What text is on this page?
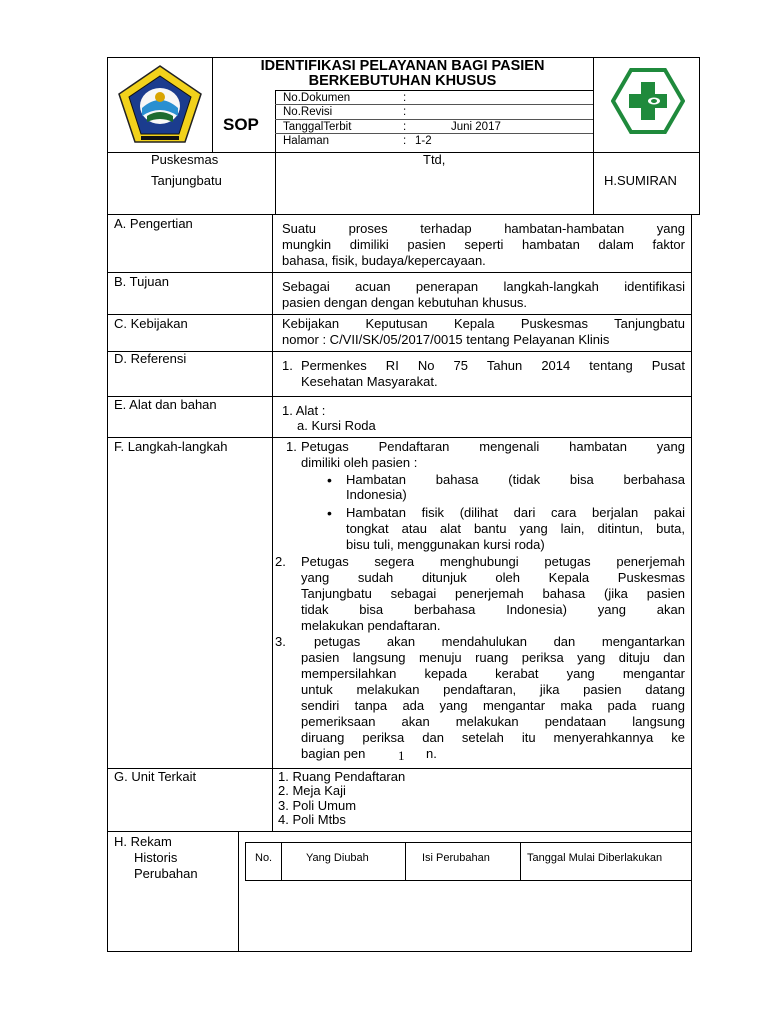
IDENTIFIKASI PELAYANAN BAGI PASIEN
BERKEBUTUHAN KHUSUS
SOP
No.Dokumen	:
No.Revisi	:
TanggalTerbit	:	Juni 2017
Halaman	: 1-2
Puskesmas
Tanjungbatu
Ttd,
H.SUMIRAN
A. Pengertian	Suatu proses terhadap hambatan-hambatan yang
mungkin dimiliki pasien seperti hambatan dalam faktor
bahasa, fisik, budaya/kepercayaan.
B. Tujuan	Sebagai acuan penerapan langkah-langkah identifikasi
pasien dengan dengan kebutuhan khusus.
C. Kebijakan	Kebijakan Keputusan Kepala Puskesmas Tanjungbatu
nomor : C/VII/SK/05/2017/0015 tentang Pelayanan Klinis
D. Referensi	1. Permenkes RI No 75 Tahun 2014 tentang Pusat
Kesehatan Masyarakat.
E. Alat dan bahan	1. Alat :
a. Kursi Roda
F. Langkah-langkah	1. Petugas Pendaftaran mengenali hambatan yang
dimiliki oleh pasien :
• Hambatan bahasa (tidak bisa berbahasa
Indonesia)
• Hambatan fisik (dilihat dari cara berjalan pakai
tongkat atau alat bantu yang lain, ditintun, buta,
bisu tuli, menggunakan kursi roda)
2. Petugas segera menghubungi petugas penerjemah
yang sudah ditunjuk oleh Kepala Puskesmas
Tanjungbatu sebagai penerjemah bahasa (jika pasien
tidak bisa berbahasa Indonesia) yang akan
melakukan pendaftaran.
3. petugas akan mendahulukan dan mengantarkan
pasien langsung menuju ruang periksa yang dituju dan
mempersilahkan kepada kerabat yang mengantar
untuk melakukan pendaftaran, jika pasien datang
sendiri tanpa ada yang mengantar maka pada ruang
pemeriksaan akan melakukan pendataan langsung
diruang periksa dan setelah itu menyerahkannya ke
bagian pen	1 n.
G. Unit Terkait	1. Ruang Pendaftaran
2. Meja Kaji
3. Poli Umum
4. Poli Mtbs
H. Rekam
Historis
Perubahan
No.	Yang Diubah	Isi Perubahan	Tanggal Mulai Diberlakukan
